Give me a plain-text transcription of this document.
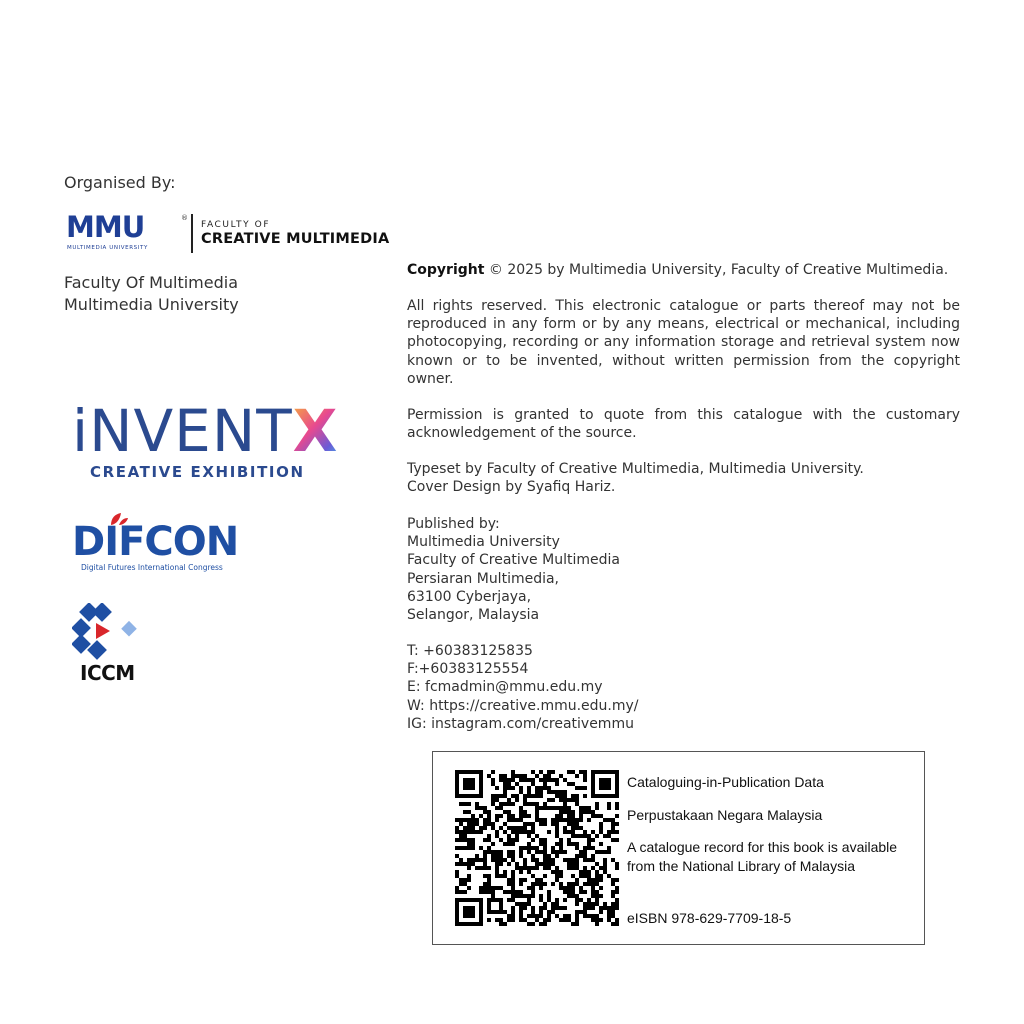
Organised By:
MMU	®
MULTIMEDIA UNIVERSITY
FACULTY OF
CREATIVE MULTIMEDIA
Faculty Of Multimedia
Multimedia University
iNVENTX
CREATIVE EXHIBITION
DIFCON
Digital Futures International Congress
ICCM

Copyright © 2025 by Multimedia University, Faculty of Creative Multimedia.

All rights reserved. This electronic catalogue or parts thereof may not be reproduced in any form or by any means, electrical or mechanical, including photocopying, recording or any information storage and retrieval system now known or to be invented, without written permission from the copyright owner.

Permission is granted to quote from this catalogue with the customary acknowledgement of the source.

Typeset by Faculty of Creative Multimedia, Multimedia University.
Cover Design by Syafiq Hariz.
Published by:
Multimedia University
Faculty of Creative Multimedia
Persiaran Multimedia,
63100 Cyberjaya,
Selangor, Malaysia
T: +60383125835
F:+60383125554
E: fcmadmin@mmu.edu.my
W: https://creative.mmu.edu.my/
IG: instagram.com/creativemmu
Cataloguing-in-Publication Data
Perpustakaan Negara Malaysia
A catalogue record for this book is available
from the National Library of Malaysia
eISBN 978-629-7709-18-5
